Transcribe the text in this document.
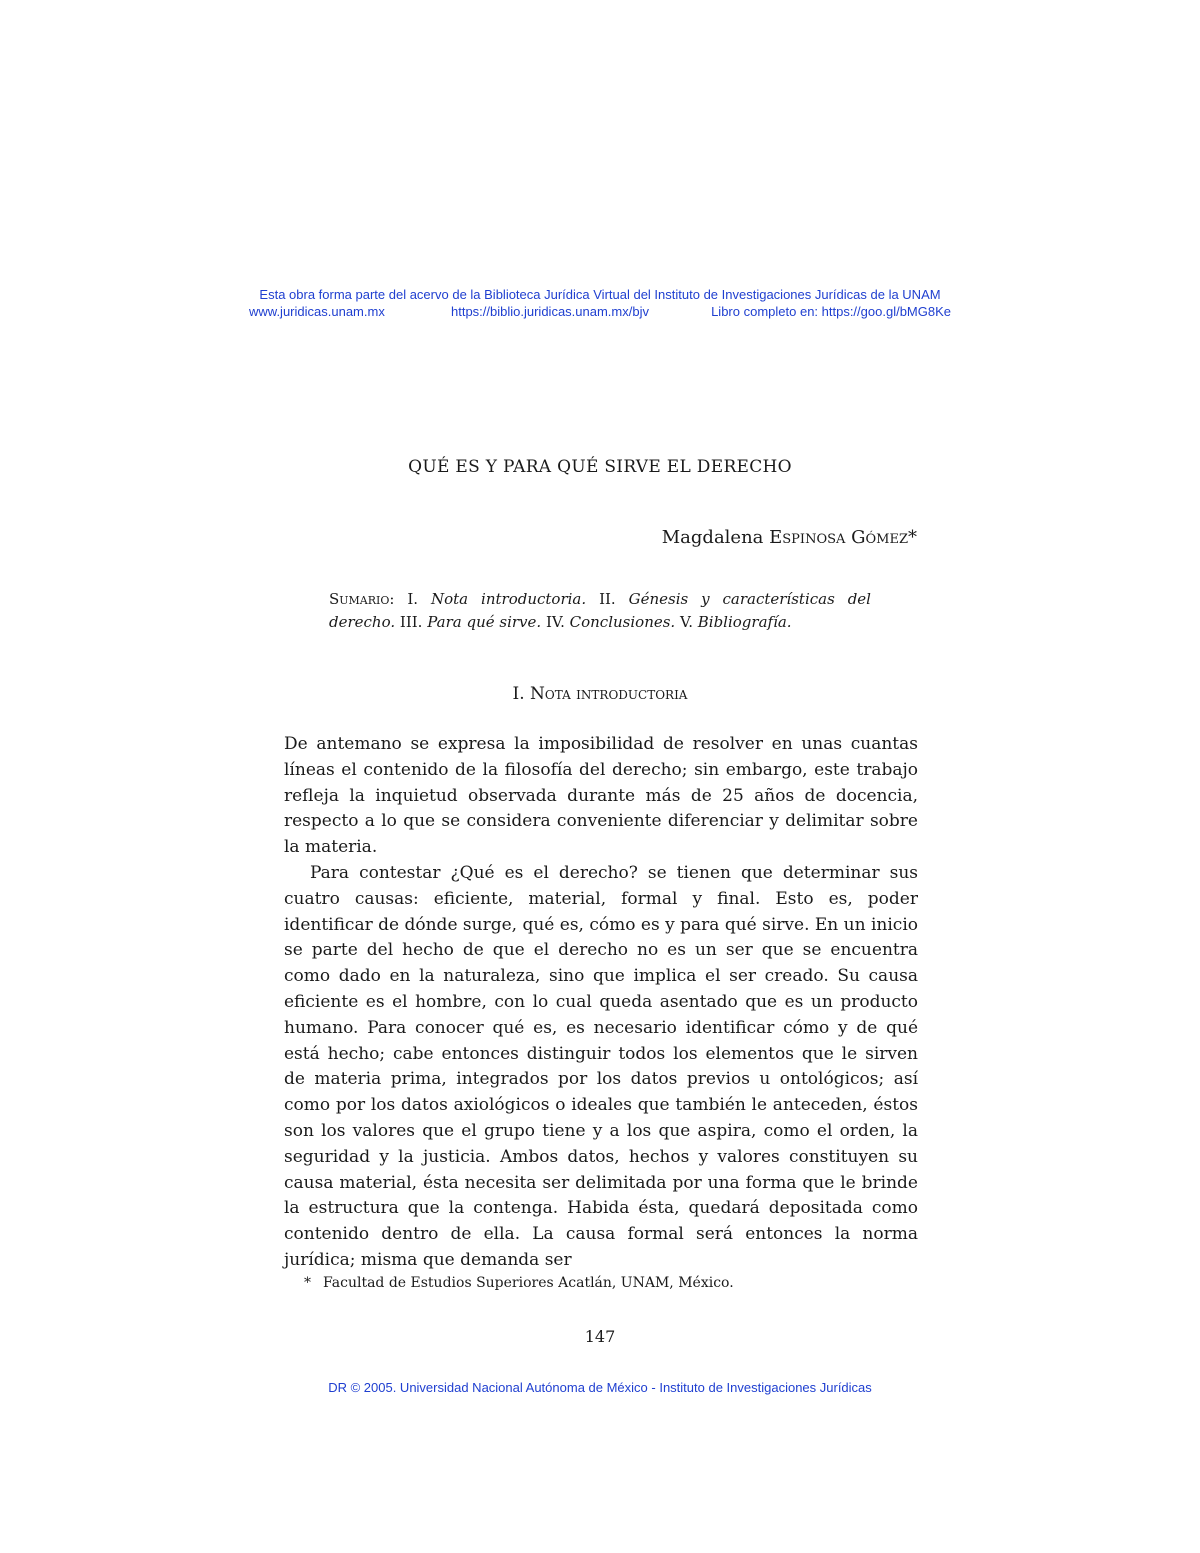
Esta obra forma parte del acervo de la Biblioteca Jurídica Virtual del Instituto de Investigaciones Jurídicas de la UNAM
www.juridicas.unam.mx	https://biblio.juridicas.unam.mx/bjv	Libro completo en: https://goo.gl/bMG8Ke
QUÉ ES Y PARA QUÉ SIRVE EL DERECHO
Magdalena Espinosa Gómez*
Sumario: I. Nota introductoria. II. Génesis y características del derecho. III. Para qué sirve. IV. Conclusiones. V. Bibliografía.
I. Nota introductoria

De antemano se expresa la imposibilidad de resolver en unas cuantas líneas el contenido de la filosofía del derecho; sin embargo, este trabajo refleja la inquietud observada durante más de 25 años de docencia, respecto a lo que se considera conveniente diferenciar y delimitar sobre la materia.

Para contestar ¿Qué es el derecho? se tienen que determinar sus cuatro causas: eficiente, material, formal y final. Esto es, poder identificar de dónde surge, qué es, cómo es y para qué sirve. En un inicio se parte del hecho de que el derecho no es un ser que se encuentra como dado en la naturaleza, sino que implica el ser creado. Su causa eficiente es el hombre, con lo cual queda asentado que es un producto humano. Para conocer qué es, es necesario identificar cómo y de qué está hecho; cabe entonces distinguir todos los elementos que le sirven de materia prima, integrados por los datos previos u ontológicos; así como por los datos axiológicos o ideales que también le anteceden, éstos son los valores que el grupo tiene y a los que aspira, como el orden, la seguridad y la justicia. Ambos datos, hechos y valores constituyen su causa material, ésta necesita ser delimitada por una forma que le brinde la estructura que la contenga. Habida ésta, quedará depositada como contenido dentro de ella. La causa formal será entonces la norma jurídica; misma que demanda ser

* Facultad de Estudios Superiores Acatlán, UNAM, México.
147
DR © 2005. Universidad Nacional Autónoma de México - Instituto de Investigaciones Jurídicas
